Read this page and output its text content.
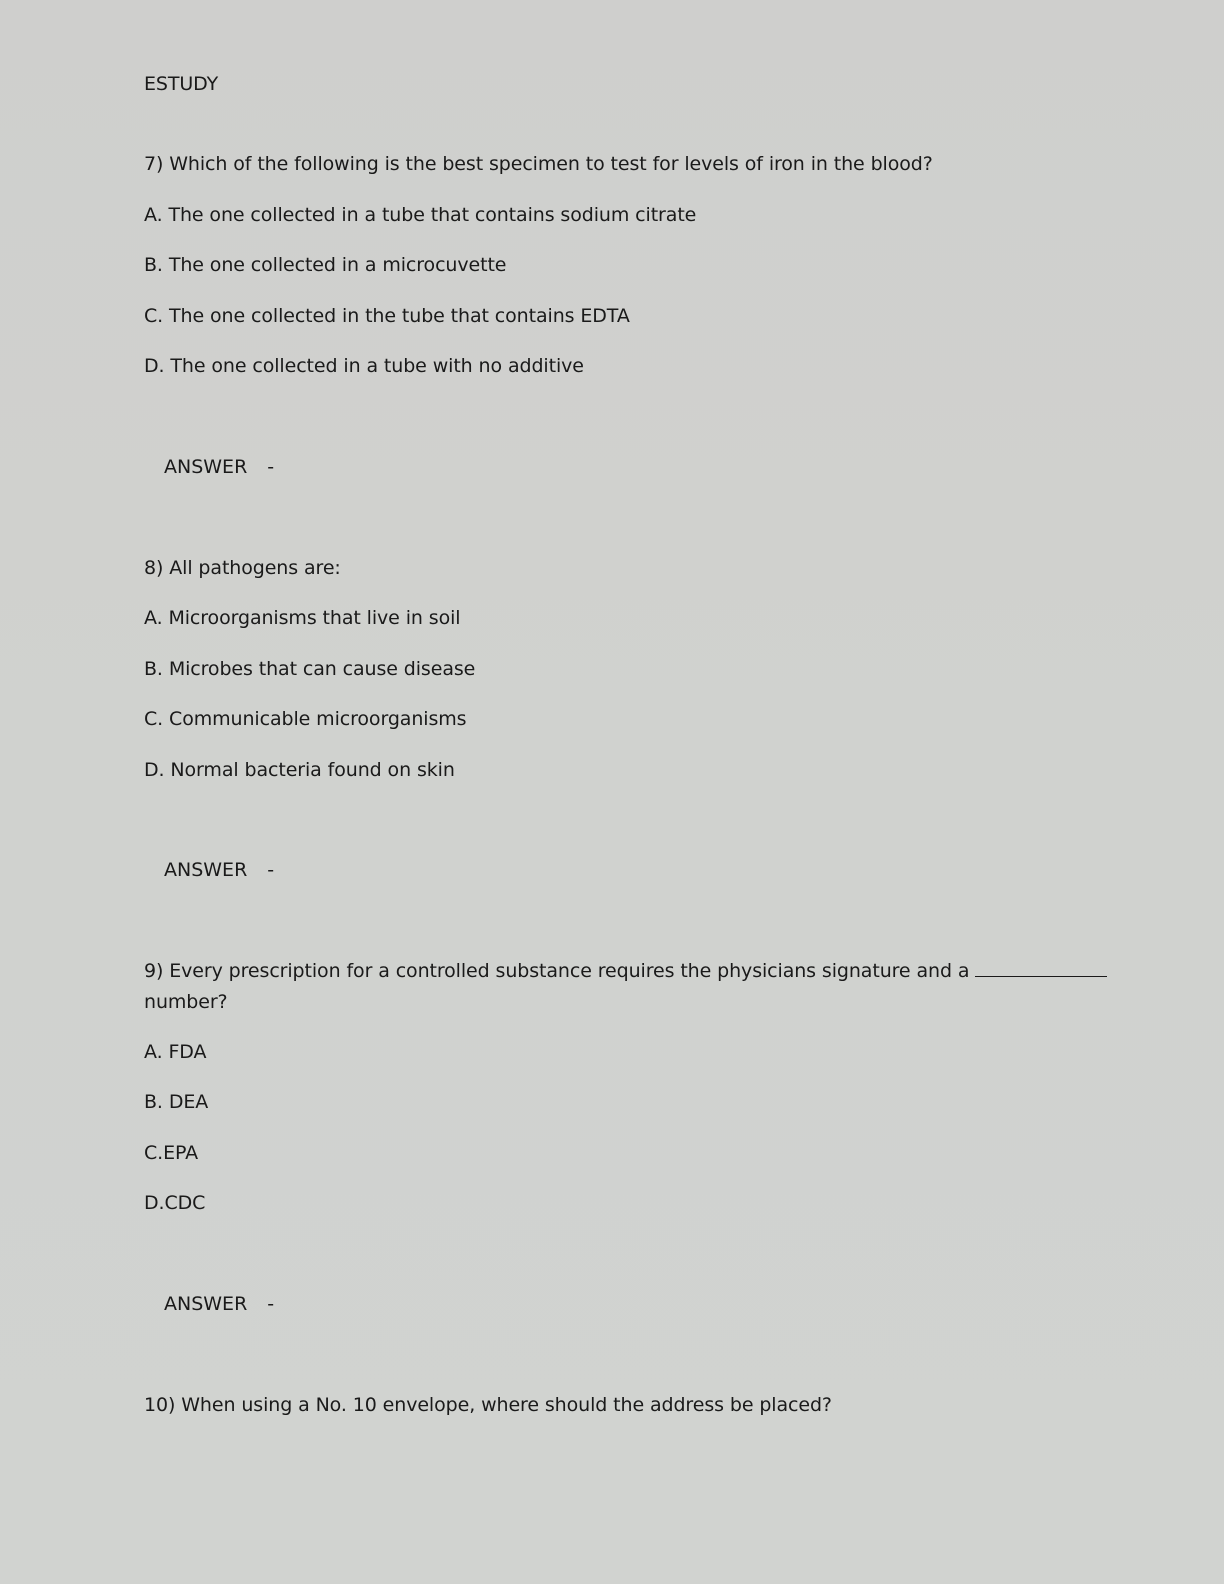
ESTUDY
7) Which of the following is the best specimen to test for levels of iron in the blood?
A. The one collected in a tube that contains sodium citrate
B. The one collected in a microcuvette
C. The one collected in the tube that contains EDTA
D. The one collected in a tube with no additive
ANSWER -
8) All pathogens are:
A. Microorganisms that live in soil
B. Microbes that can cause disease
C. Communicable microorganisms
D. Normal bacteria found on skin
ANSWER -
9) Every prescription for a controlled substance requires the physicians signature and a
number?
A. FDA
B. DEA
C.EPA
D.CDC
ANSWER -
10) When using a No. 10 envelope, where should the address be placed?
